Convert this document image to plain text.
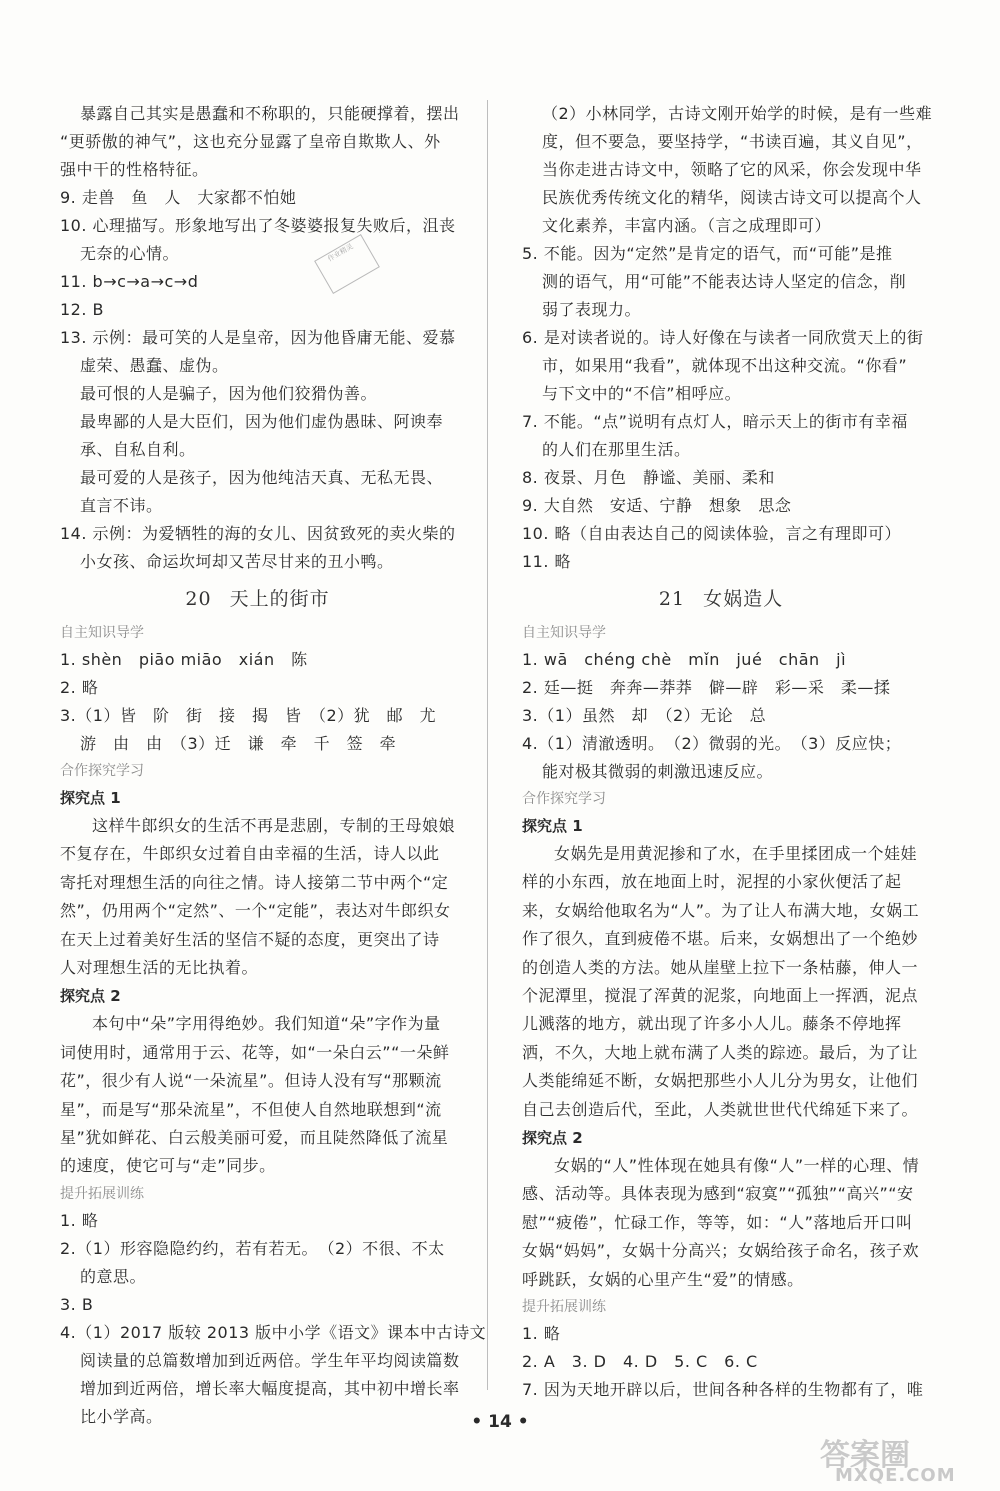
暴露自己其实是愚蠢和不称职的，只能硬撑着，摆出
“更骄傲的神气”，这也充分显露了皇帝自欺欺人、外
强中干的性格特征。
9. 走兽　鱼　人　大家都不怕她
10. 心理描写。形象地写出了冬婆婆报复失败后，沮丧
无奈的心情。
11. b→c→a→c→d
12. B
13. 示例：最可笑的人是皇帝，因为他昏庸无能、爱慕
虚荣、愚蠢、虚伪。
最可恨的人是骗子，因为他们狡猾伪善。
最卑鄙的人是大臣们，因为他们虚伪愚昧、阿谀奉
承、自私自利。
最可爱的人是孩子，因为他纯洁天真、无私无畏、
直言不讳。
14. 示例：为爱牺牲的海的女儿、因贫致死的卖火柴的
小女孩、命运坎坷却又苦尽甘来的丑小鸭。
20 天上的街市
自主知识导学
1. shèn　piāo miāo　xián　陈
2. 略
3.（1）皆　阶　街　接　揭　皆　（2）犹　邮　尤
游　由　由　（3）迁　谦　牵　千　签　牵
合作探究学习
探究点 1
这样牛郎织女的生活不再是悲剧，专制的王母娘娘不复存在，牛郎织女过着自由幸福的生活，诗人以此寄托对理想生活的向往之情。诗人接第二节中两个“定然”，仍用两个“定然”、一个“定能”，表达对牛郎织女在天上过着美好生活的坚信不疑的态度，更突出了诗人对理想生活的无比执着。
探究点 2
本句中“朵”字用得绝妙。我们知道“朵”字作为量词使用时，通常用于云、花等，如“一朵白云”“一朵鲜花”，很少有人说“一朵流星”。但诗人没有写“那颗流星”，而是写“那朵流星”，不但使人自然地联想到“流星”犹如鲜花、白云般美丽可爱，而且陡然降低了流星的速度，使它可与“走”同步。
提升拓展训练
1. 略
2.（1）形容隐隐约约，若有若无。　（2）不很、不太
的意思。
3. B
4.（1）2017 版较 2013 版中小学《语文》课本中古诗文
阅读量的总篇数增加到近两倍。学生年平均阅读篇数
增加到近两倍，增长率大幅度提高，其中初中增长率
比小学高。
（2）小林同学，古诗文刚开始学的时候，是有一些难
度，但不要急，要坚持学，“书读百遍，其义自见”，
当你走进古诗文中，领略了它的风采，你会发现中华
民族优秀传统文化的精华，阅读古诗文可以提高个人
文化素养，丰富内涵。（言之成理即可）
5. 不能。因为“定然”是肯定的语气，而“可能”是推
测的语气，用“可能”不能表达诗人坚定的信念，削
弱了表现力。
6. 是对读者说的。诗人好像在与读者一同欣赏天上的街
市，如果用“我看”，就体现不出这种交流。“你看”
与下文中的“不信”相呼应。
7. 不能。“点”说明有点灯人，暗示天上的街市有幸福
的人们在那里生活。
8. 夜景、月色　静谧、美丽、柔和
9. 大自然　安适、宁静　想象　思念
10. 略（自由表达自己的阅读体验，言之有理即可）
11. 略
21 女娲造人
自主知识导学
1. wā　chéng chè　mǐn　jué　chān　jì
2. 廷—挺　奔奔—莽莽　僻—辟　彩—采　柔—揉
3.（1）虽然　却　（2）无论　总
4.（1）清澈透明。　（2）微弱的光。　（3）反应快；
能对极其微弱的刺激迅速反应。
合作探究学习
探究点 1
女娲先是用黄泥掺和了水，在手里揉团成一个娃娃样的小东西，放在地面上时，泥捏的小家伙便活了起来，女娲给他取名为“人”。为了让人布满大地，女娲工作了很久，直到疲倦不堪。后来，女娲想出了一个绝妙的创造人类的方法。她从崖壁上拉下一条枯藤，伸人一个泥潭里，搅混了浑黄的泥浆，向地面上一挥洒，泥点儿溅落的地方，就出现了许多小人儿。藤条不停地挥洒，不久，大地上就布满了人类的踪迹。最后，为了让人类能绵延不断，女娲把那些小人儿分为男女，让他们自己去创造后代，至此，人类就世世代代绵延下来了。
探究点 2
女娲的“人”性体现在她具有像“人”一样的心理、情感、活动等。具体表现为感到“寂寞”“孤独”“高兴”“安慰”“疲倦”，忙碌工作，等等，如：“人”落地后开口叫女娲“妈妈”，女娲十分高兴；女娲给孩子命名，孩子欢呼跳跃，女娲的心里产生“爱”的情感。
提升拓展训练
1. 略
2. A　3. D　4. D　5. C　6. C
7. 因为天地开辟以后，世间各种各样的生物都有了，唯
作业精灵
• 14 •
答案圈
MXQE.COM
